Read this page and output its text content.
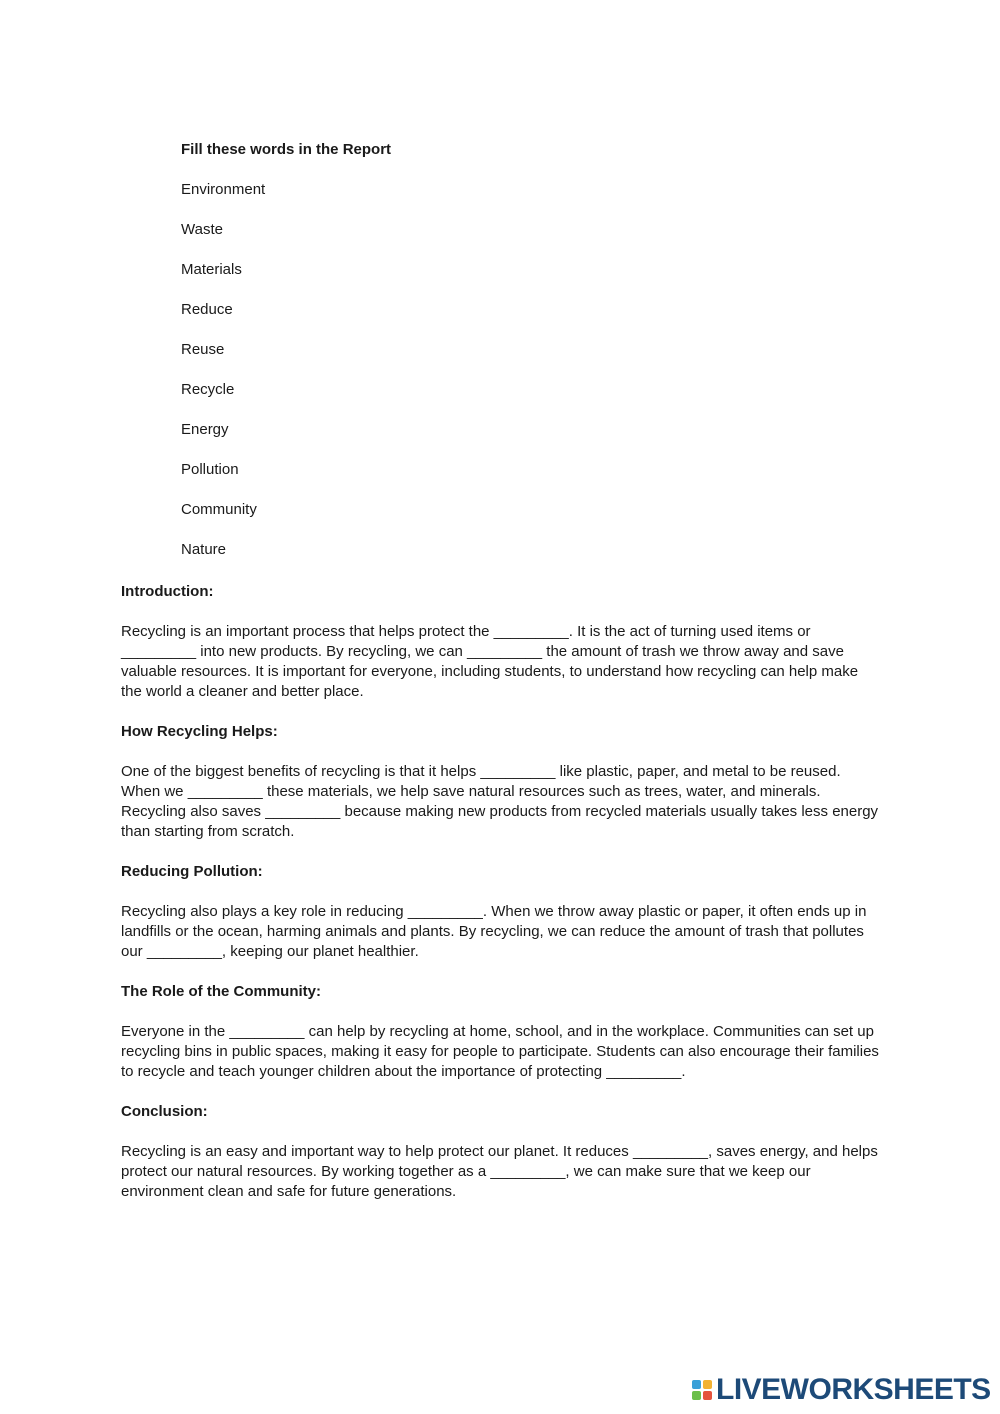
Fill these words in the Report
Environment
Waste
Materials
Reduce
Reuse
Recycle
Energy
Pollution
Community
Nature
Introduction:

Recycling is an important process that helps protect the _________. It is the act of turning used items or _________ into new products. By recycling, we can _________ the amount of trash we throw away and save valuable resources. It is important for everyone, including students, to understand how recycling can help make the world a cleaner and better place.

How Recycling Helps:

One of the biggest benefits of recycling is that it helps _________ like plastic, paper, and metal to be reused. When we _________ these materials, we help save natural resources such as trees, water, and minerals. Recycling also saves _________ because making new products from recycled materials usually takes less energy than starting from scratch.

Reducing Pollution:

Recycling also plays a key role in reducing _________. When we throw away plastic or paper, it often ends up in landfills or the ocean, harming animals and plants. By recycling, we can reduce the amount of trash that pollutes our _________, keeping our planet healthier.

The Role of the Community:

Everyone in the _________ can help by recycling at home, school, and in the workplace. Communities can set up recycling bins in public spaces, making it easy for people to participate. Students can also encourage their families to recycle and teach younger children about the importance of protecting _________.

Conclusion:

Recycling is an easy and important way to help protect our planet. It reduces _________, saves energy, and helps protect our natural resources. By working together as a _________, we can make sure that we keep our environment clean and safe for future generations.

LIVEWORKSHEETS
